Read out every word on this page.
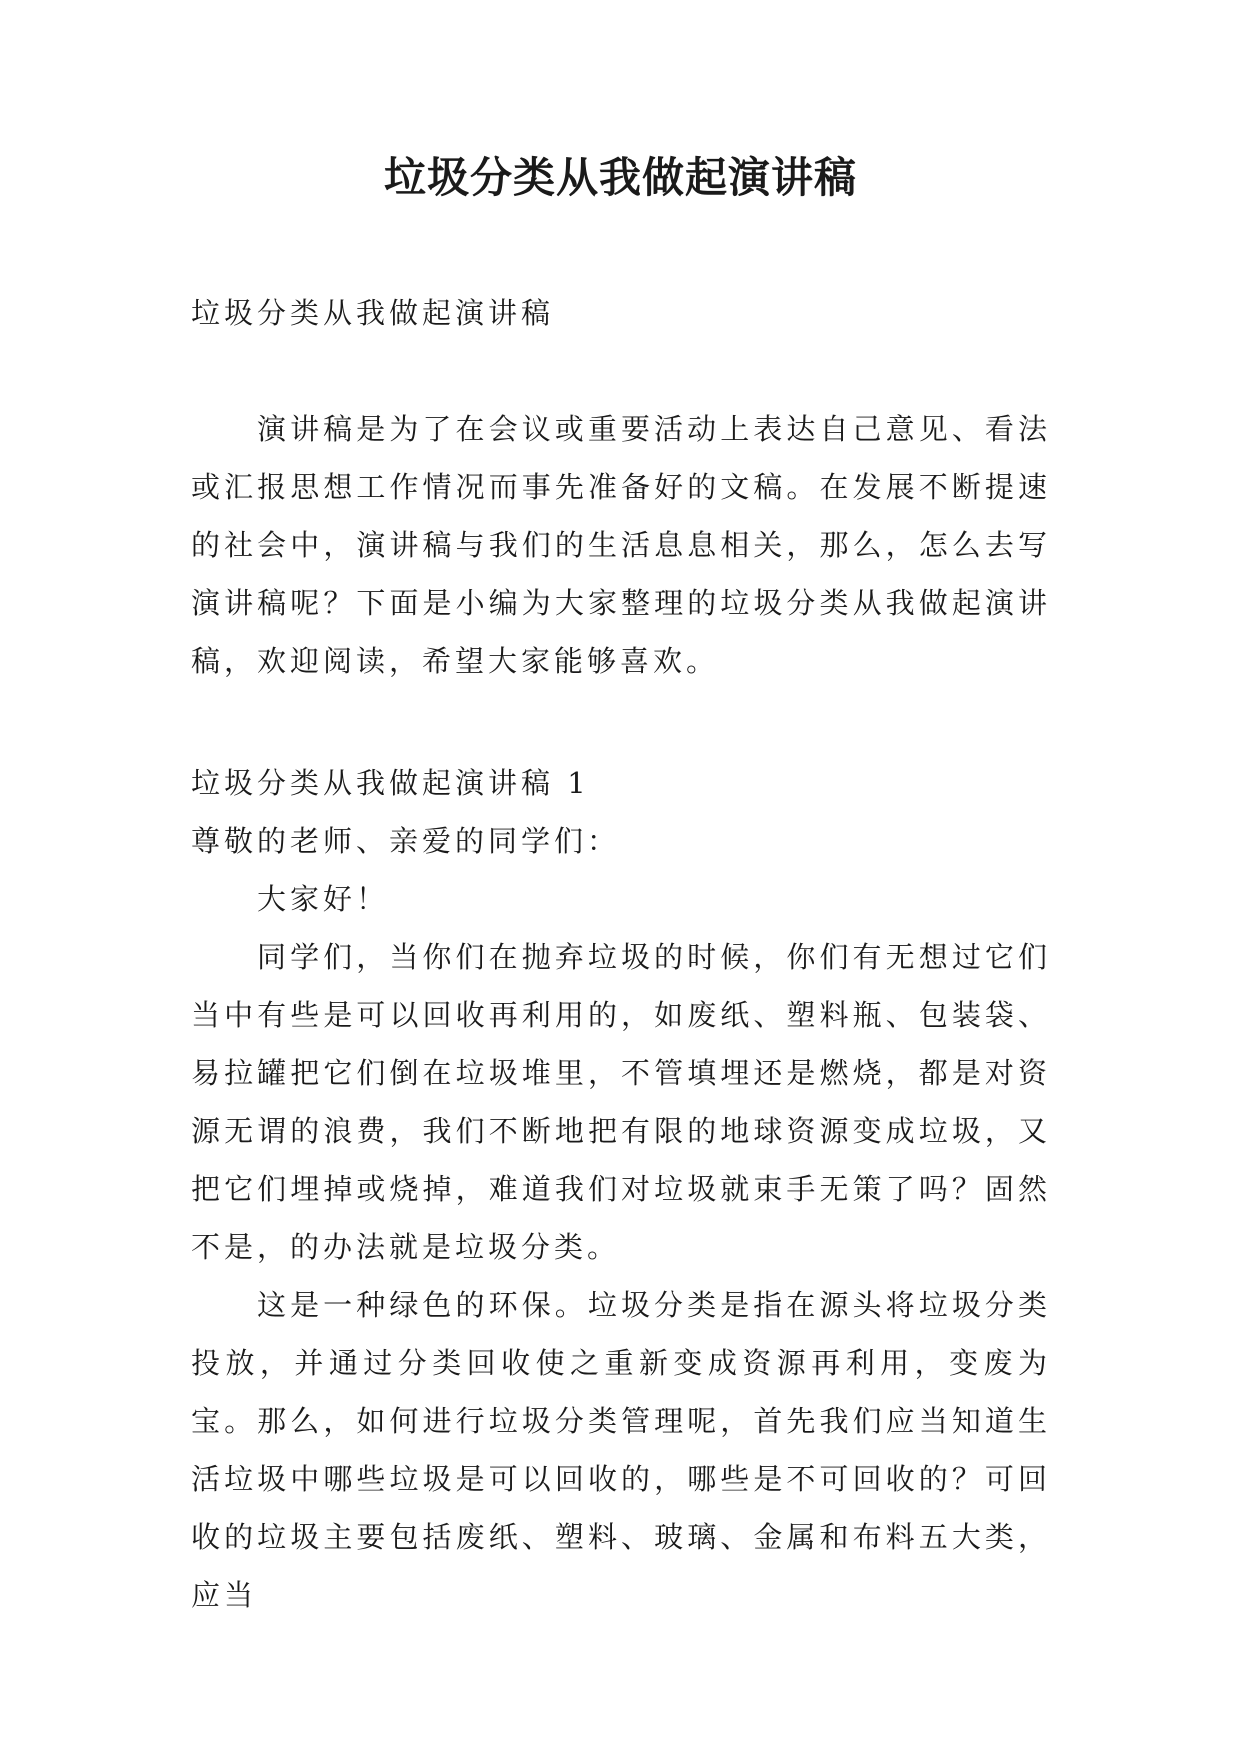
垃圾分类从我做起演讲稿

垃圾分类从我做起演讲稿

演讲稿是为了在会议或重要活动上表达自己意见、看法或汇报思想工作情况而事先准备好的文稿。在发展不断提速的社会中，演讲稿与我们的生活息息相关，那么，怎么去写演讲稿呢？下面是小编为大家整理的垃圾分类从我做起演讲稿，欢迎阅读，希望大家能够喜欢。

垃圾分类从我做起演讲稿 1

尊敬的老师、亲爱的同学们：

大家好！

同学们，当你们在抛弃垃圾的时候，你们有无想过它们当中有些是可以回收再利用的，如废纸、塑料瓶、包装袋、易拉罐把它们倒在垃圾堆里，不管填埋还是燃烧，都是对资源无谓的浪费，我们不断地把有限的地球资源变成垃圾，又把它们埋掉或烧掉，难道我们对垃圾就束手无策了吗？固然不是，的办法就是垃圾分类。

这是一种绿色的环保。垃圾分类是指在源头将垃圾分类投放，并通过分类回收使之重新变成资源再利用，变废为宝。那么，如何进行垃圾分类管理呢，首先我们应当知道生活垃圾中哪些垃圾是可以回收的，哪些是不可回收的？可回收的垃圾主要包括废纸、塑料、玻璃、金属和布料五大类，应当
